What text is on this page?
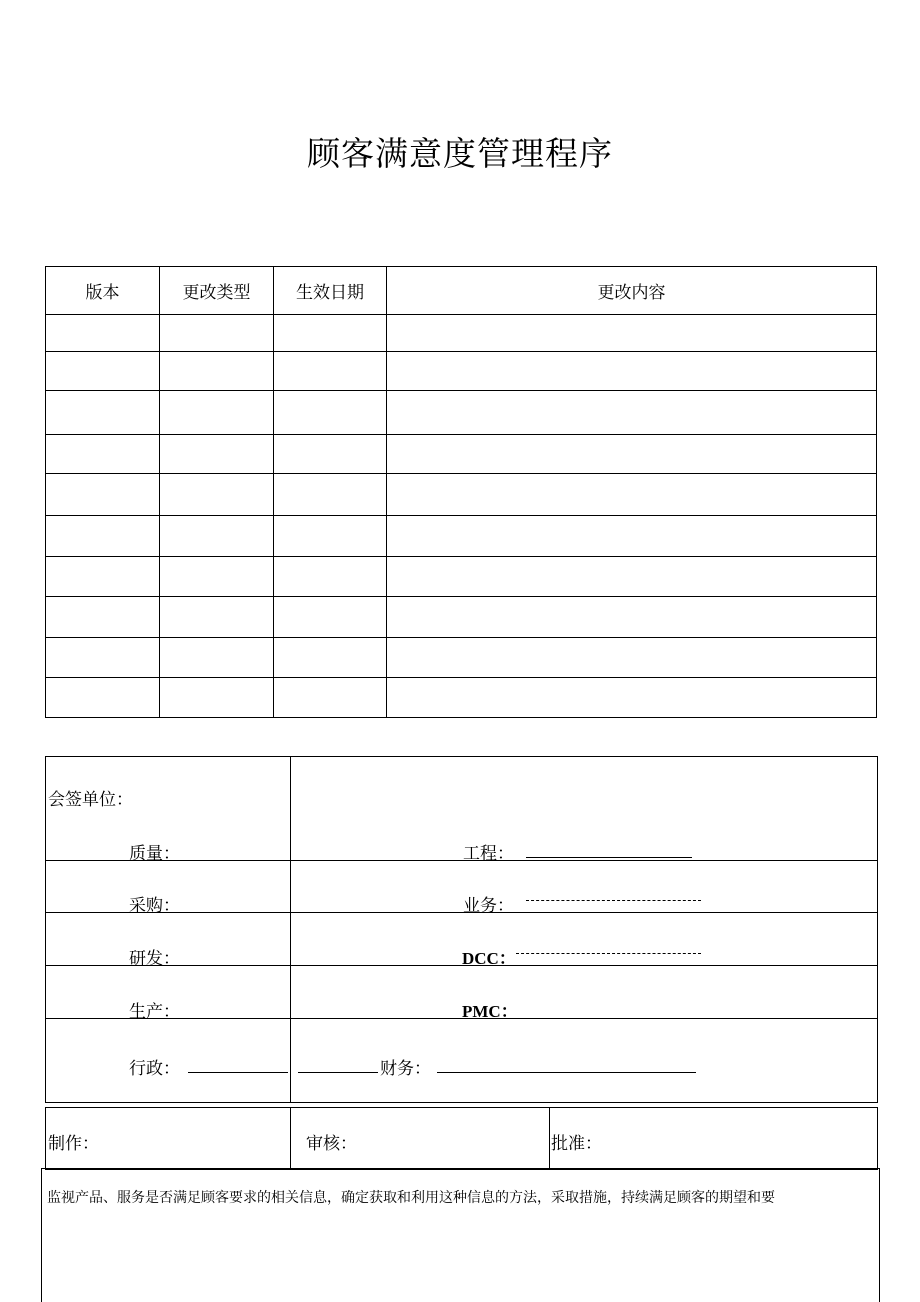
顾客满意度管理程序
版本	更改类型	生效日期	更改内容

会签单位：
质量：	工程：
采购：	业务：
研发：	DCC：
生产：	PMC：
行政：	财务：
制作：	审核：	批准：

监视产品、服务是否满足顾客要求的相关信息，确定获取和利用这种信息的方法，采取措施，持续满足顾客的期望和要
